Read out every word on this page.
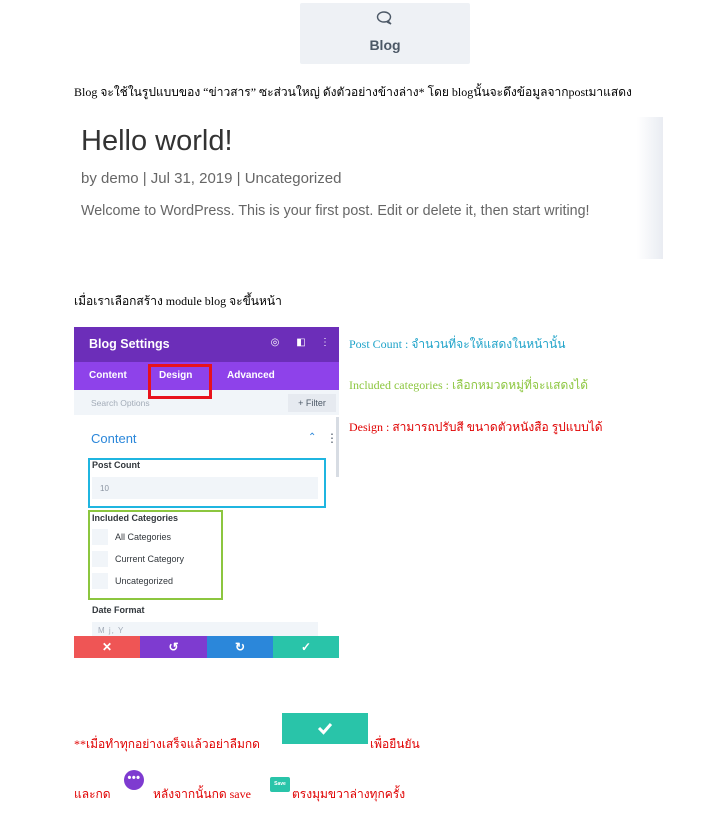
Blog
Blog จะใช้ในรูปแบบของ “ข่าวสาร” ซะส่วนใหญ่ ดังตัวอย่างข้างล่าง* โดย blogนั้นจะดึงข้อมูลจากpostมาแสดง
Hello world!
by demo | Jul 31, 2019 | Uncategorized
Welcome to WordPress. This is your first post. Edit or delete it, then start writing!
เมื่อเราเลือกสร้าง module blog จะขึ้นหน้า
Blog Settings	◎ ◧ ⋮
Content	Design	Advanced
Search Options	+ Filter
Content	⌃ ⋮
Post Count
10
Included Categories
All Categories
Current Category
Uncategorized
Date Format
M j, Y
✕	↺	↻	✓
Post Count : จำนวนที่จะให้แสดงในหน้านั้น
Included categories : เลือกหมวดหมู่ที่จะแสดงได้
Design : สามารถปรับสี ขนาดตัวหนังสือ รูปแบบได้
**เมื่อทำทุกอย่างเสร็จแล้วอย่าลืมกด	เพื่อยืนยัน
และกด
•••
หลังจากนั้นกด save
Save
ตรงมุมขวาล่างทุกครั้ง
